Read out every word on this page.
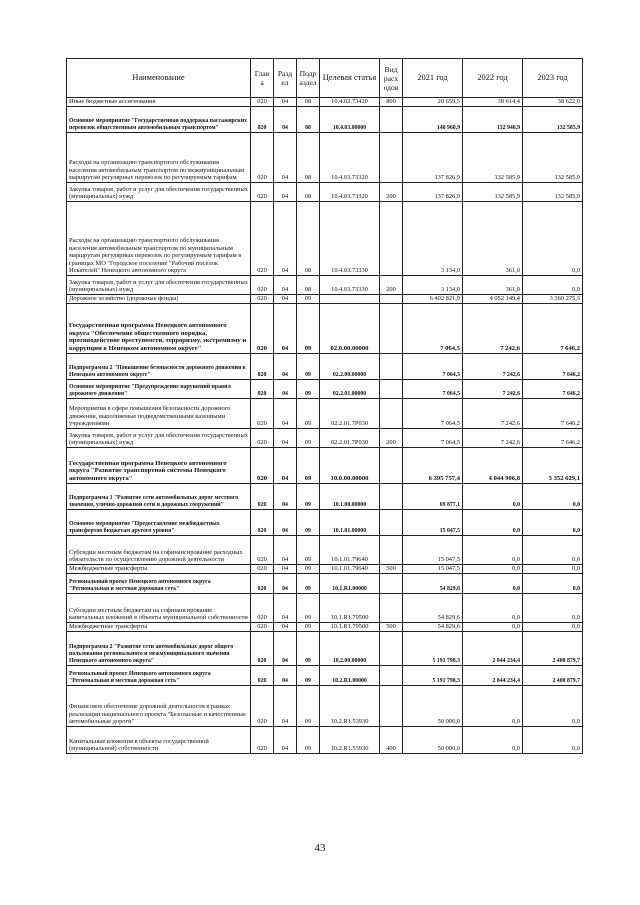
Наименование	Глав а	Разд ел	Подр аздел	Целевая статья	Вид расх одов	2021 год	2022 год	2023 год
Иные бюджетные ассигнования	020	04	08	10.4.02.73420	800	20 659,5	38 614,4	38 622,0
Основное мероприятие "Государственная поддержка пассажирских перевозок общественным автомобильным транспортом"	020	04	08	10.4.03.00000		140 960,9	132 946,9	132 585,9
Расходы на организацию транспортного обслуживания населения автомобильным транспортом по межмуниципальным маршрутам регулярных перевозок по регулируемым тарифам	020	04	08	10.4.03.73320		137 826,9	132 585,9	132 585,9
Закупка товаров, работ и услуг для обеспечения государственных (муниципальных) нужд	020	04	08	10.4.03.73320	200	137 826,9	132 585,9	132 585,9
Расходы на организацию транспортного обслуживания населения автомобильным транспортом по муниципальным маршрутам регулярных перевозок по регулируемым тарифам в границах МО "Городское поселение "Рабочий поселок Искателей" Ненецкого автономного округа	020	04	08	10.4.03.73330		3 134,0	361,0	0,0
Закупка товаров, работ и услуг для обеспечения государственных (муниципальных) нужд	020	04	08	10.4.03.73330	200	3 134,0	361,0	0,0
Дорожное хозяйство (дорожные фонды)	020	04	09			6 402 821,9	4 052 149,4	3 360 275,3
Государственная программа Ненецкого автономного округа "Обеспечение общественного порядка, противодействие преступности, терроризму, экстремизму и коррупции в Ненецком автономном округе"	020	04	09	02.0.00.00000		7 064,5	7 242,6	7 646,2
Подпрограмма 2 "Повышение безопасности дорожного движения в Ненецком автономном округе"	020	04	09	02.2.00.00000		7 064,5	7 242,6	7 646,2
Основное мероприятие "Предупреждение нарушений правил дорожного движения"	020	04	09	02.2.01.00000		7 064,5	7 242,6	7 646,2
Мероприятия в сфере повышения безопасности дорожного движения, выполняемые подведомственными казенными учреждениями	020	04	09	02.2.01.7Р030		7 064,5	7 242,6	7 646,2
Закупка товаров, работ и услуг для обеспечения государственных (муниципальных) нужд	020	04	09	02.2.01.7Р030	200	7 064,5	7 242,6	7 646,2
Государственная программа Ненецкого автономного округа "Развитие транспортной системы Ненецкого автономного округа"	020	04	09	10.0.00.00000		6 395 757,4	4 044 906,8	3 352 629,1
Подпрограмма 1 "Развитие сети автомобильных дорог местного значения, улично-дорожной сети и дорожных сооружений"	020	04	09	10.1.00.00000		69 877,1	0,0	0,0
Основное мероприятие "Предоставление межбюджетных трансфертов бюджетам другого уровня"	020	04	09	10.1.01.00000		15 047,5	0,0	0,0
Субсидии местным бюджетам на софинансирование расходных обязательств по осуществлению дорожной деятельности	020	04	09	10.1.01.79640		15 047,5	0,0	0,0
Межбюджетные трансферты	020	04	09	10.1.01.79640	500	15 047,5	0,0	0,0
Региональный проект Ненецкого автономного округа "Региональная и местная дорожная сеть"	020	04	09	10.1.R1.00000		54 829,6	0,0	0,0
Субсидии местным бюджетам на софинансирование капитальных вложений в объекты муниципальной собственности	020	04	09	10.1.R1.79500		54 829,6	0,0	0,0
Межбюджетные трансферты	020	04	09	10.1.R1.79500	500	54 829,6	0,0	0,0
Подпрограмма 2 "Развитие сети автомобильных дорог общего пользования регионального и межмуниципального значения Ненецкого автономного округа"	020	04	09	10.2.00.00000		5 191 798,3	2 844 234,4	2 408 879,7
Региональный проект Ненецкого автономного округа "Региональная и местная дорожная сеть"	020	04	09	10.2.R1.00000		5 191 798,3	2 844 234,4	2 408 879,7
Финансовое обеспечение дорожной деятельности в рамках реализации национального проекта "Безопасные и качественные автомобильные дороги"	020	04	09	10.2.R1.53930		50 000,0	0,0	0,0
Капитальные вложения в объекты государственной (муниципальной) собственности	020	04	09	10.2.R1.53930	400	50 000,0	0,0	0,0
43
